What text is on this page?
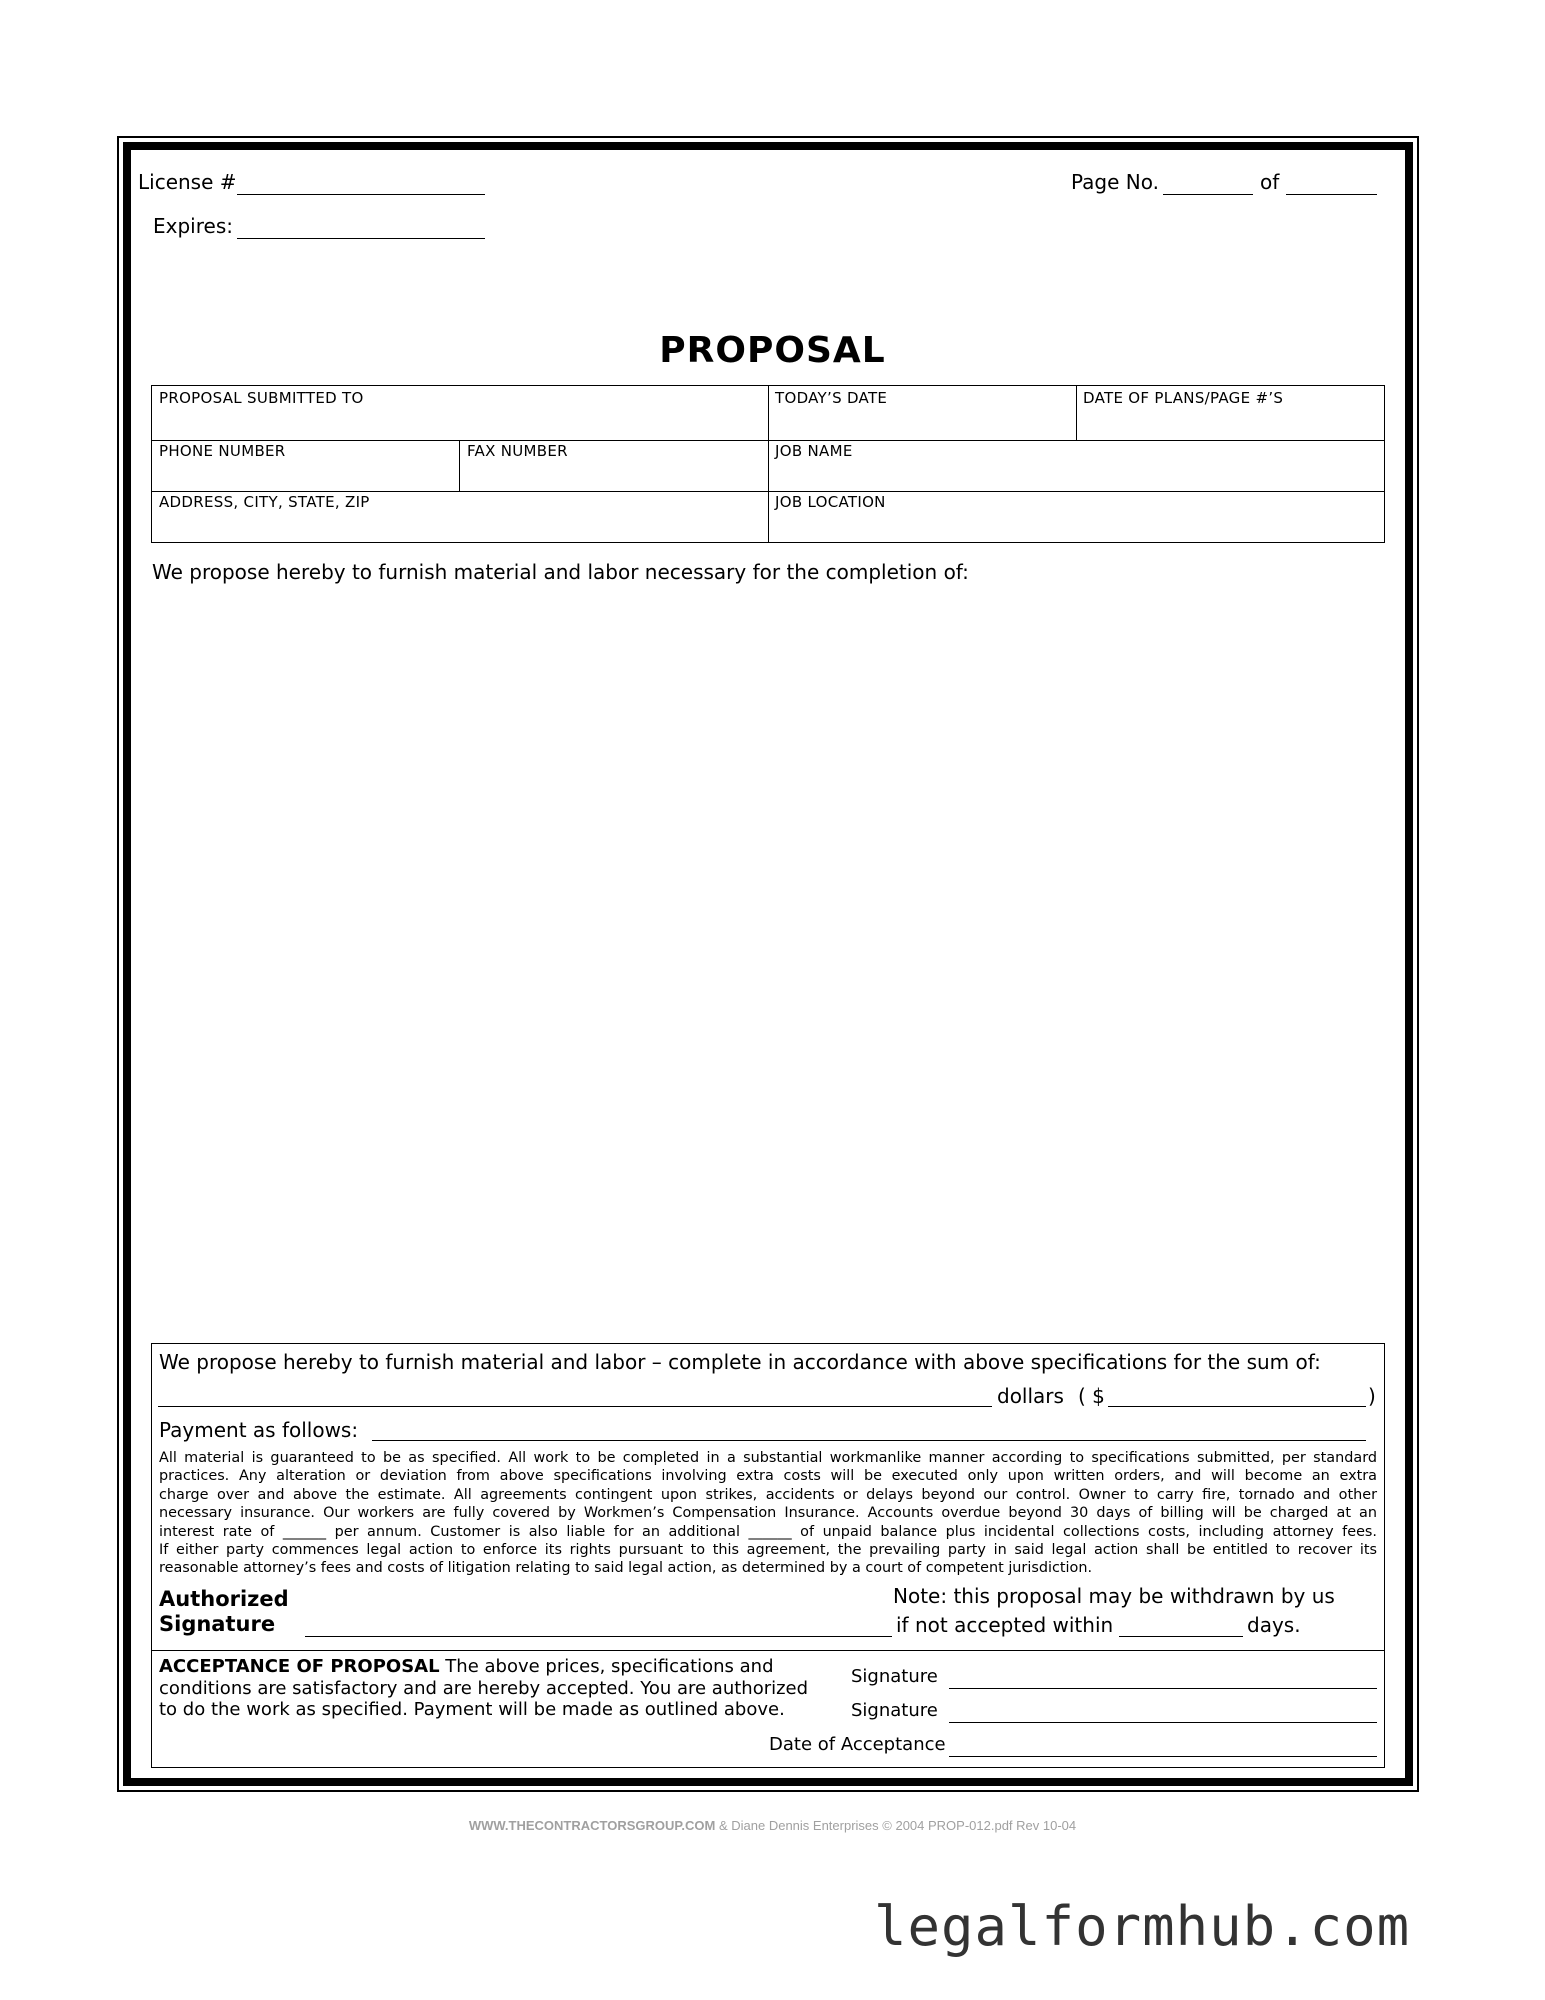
License #
Expires:
Page No.	of
PROPOSAL
PROPOSAL SUBMITTED TO	TODAY’S DATE	DATE OF PLANS/PAGE #’S
PHONE NUMBER	FAX NUMBER	JOB NAME
ADDRESS, CITY, STATE, ZIP	JOB LOCATION
We propose hereby to furnish material and labor necessary for the completion of:
We propose hereby to furnish material and labor – complete in accordance with above specifications for the sum of:
dollars ( $	)
Payment as follows:

All material is guaranteed to be as specified. All work to be completed in a substantial workmanlike manner according to specifications submitted, per standard

practices. Any alteration or deviation from above specifications involving extra costs will be executed only upon written orders, and will become an extra

charge over and above the estimate. All agreements contingent upon strikes, accidents or delays beyond our control. Owner to carry fire, tornado and other

necessary insurance. Our workers are fully covered by Workmen’s Compensation Insurance. Accounts overdue beyond 30 days of billing will be charged at an

interest rate of ______ per annum. Customer is also liable for an additional ______ of unpaid balance plus incidental collections costs, including attorney fees.

If either party commences legal action to enforce its rights pursuant to this agreement, the prevailing party in said legal action shall be entitled to recover its

reasonable attorney’s fees and costs of litigation relating to said legal action, as determined by a court of competent jurisdiction.

Authorized
Signature
Note: this proposal may be withdrawn by us
if not accepted within	days.
ACCEPTANCE OF PROPOSAL The above prices, specifications and
conditions are satisfactory and are hereby accepted. You are authorized
to do the work as specified. Payment will be made as outlined above.
Signature
Signature
Date of Acceptance
WWW.THECONTRACTORSGROUP.COM & Diane Dennis Enterprises © 2004 PROP-012.pdf Rev 10-04
legalformhub.com
